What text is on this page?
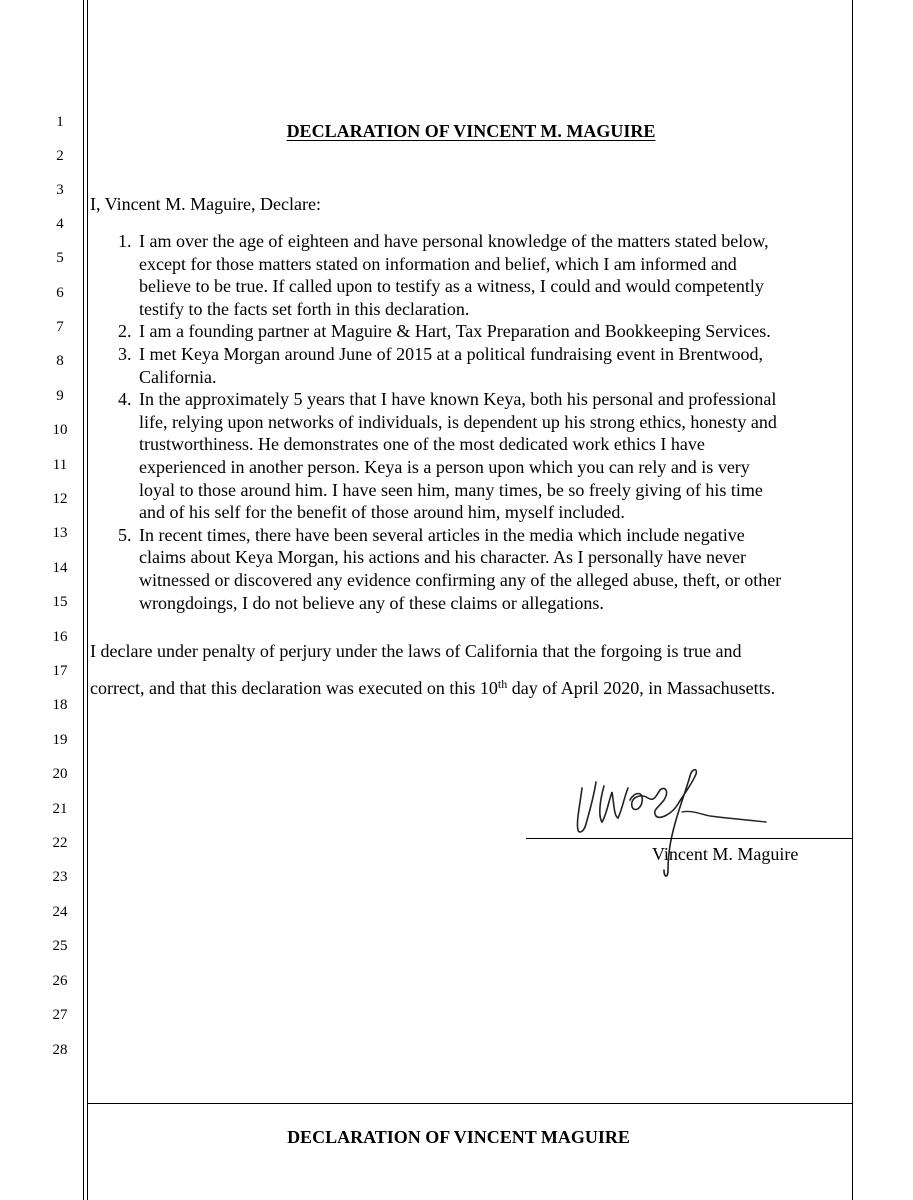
1
2
3
4
5
6
7
8
9
10
11
12
13
14
15
16
17
18
19
20
21
22
23
24
25
26
27
28
DECLARATION OF VINCENT M. MAGUIRE
I, Vincent M. Maguire, Declare:
1. I am over the age of eighteen and have personal knowledge of the matters stated below,
except for those matters stated on information and belief, which I am informed and
believe to be true. If called upon to testify as a witness, I could and would competently
testify to the facts set forth in this declaration.
2. I am a founding partner at Maguire & Hart, Tax Preparation and Bookkeeping Services.
3. I met Keya Morgan around June of 2015 at a political fundraising event in Brentwood,
California.
4. In the approximately 5 years that I have known Keya, both his personal and professional
life, relying upon networks of individuals, is dependent up his strong ethics, honesty and
trustworthiness. He demonstrates one of the most dedicated work ethics I have
experienced in another person. Keya is a person upon which you can rely and is very
loyal to those around him. I have seen him, many times, be so freely giving of his time
and of his self for the benefit of those around him, myself included.
5. In recent times, there have been several articles in the media which include negative
claims about Keya Morgan, his actions and his character. As I personally have never
witnessed or discovered any evidence confirming any of the alleged abuse, theft, or other
wrongdoings, I do not believe any of these claims or allegations.
I declare under penalty of perjury under the laws of California that the forgoing is true and
correct, and that this declaration was executed on this 10th day of April 2020, in Massachusetts.
Vincent M. Maguire
DECLARATION OF VINCENT MAGUIRE
